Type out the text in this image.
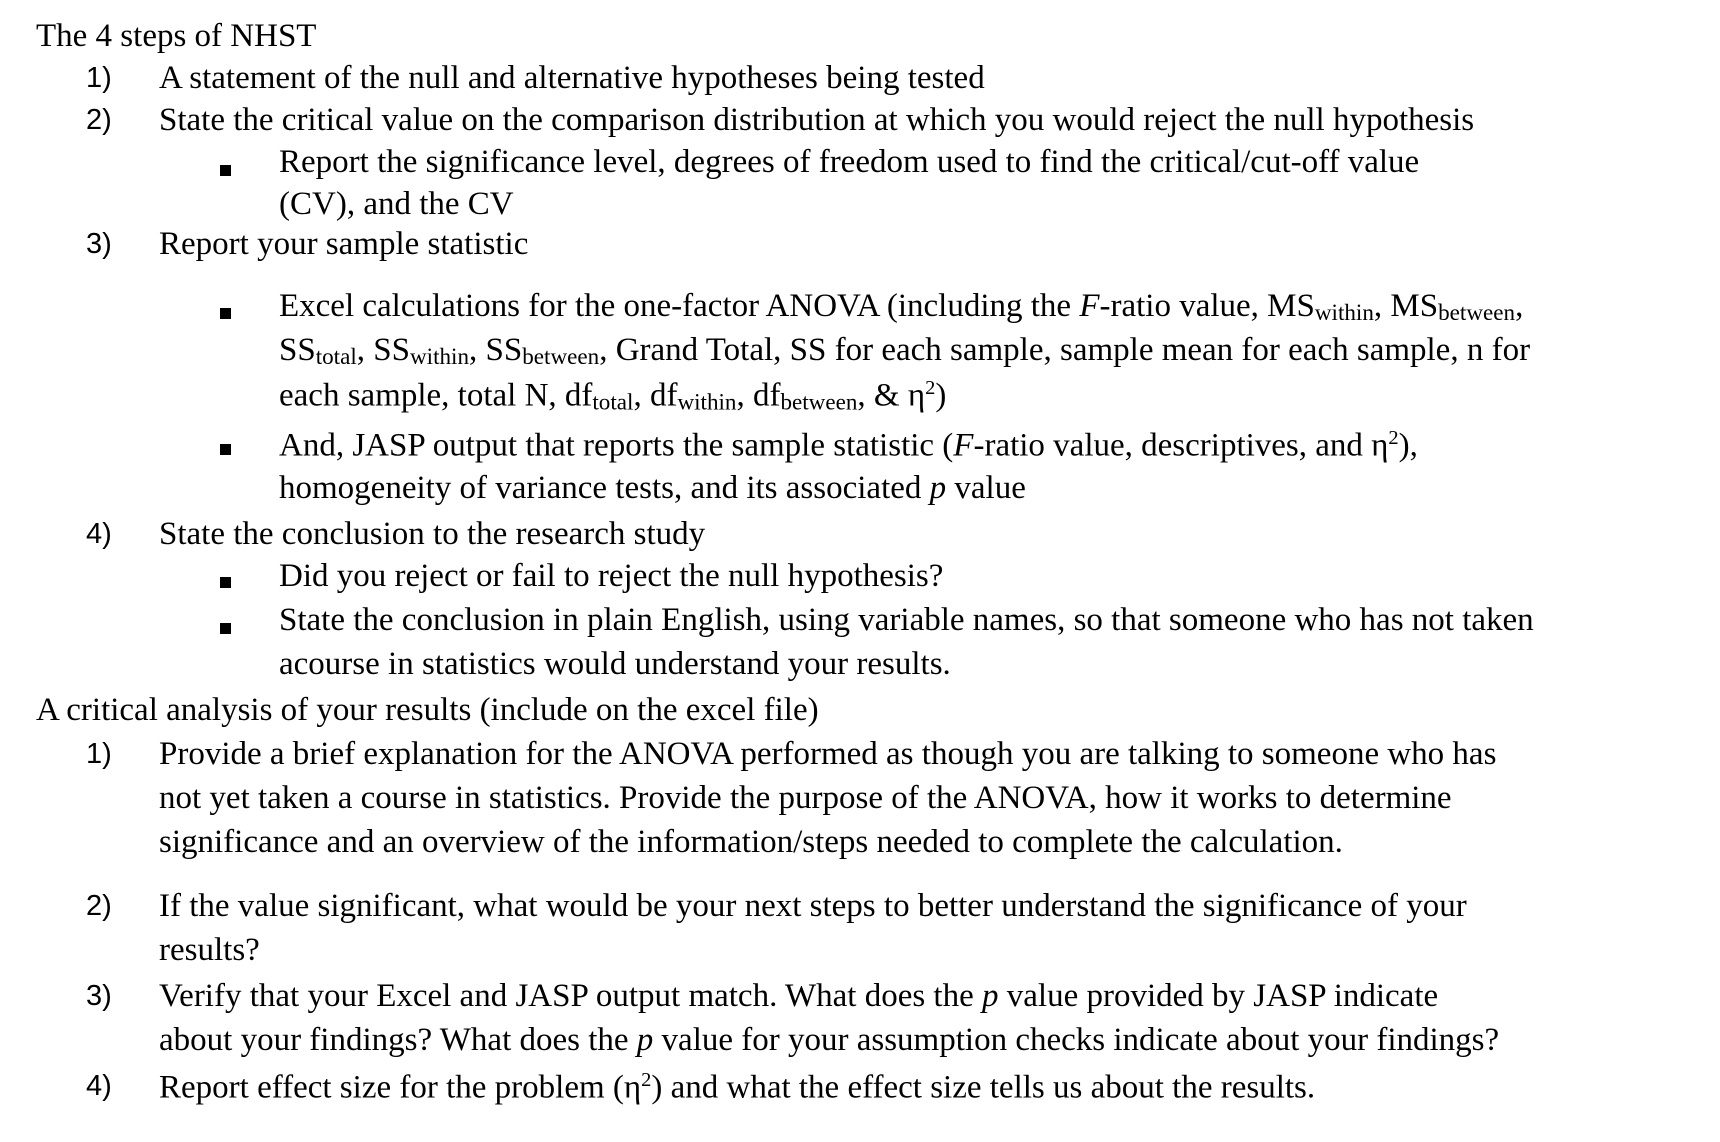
The 4 steps of NHST
1) A statement of the null and alternative hypotheses being tested
2) State the critical value on the comparison distribution at which you would reject the null hypothesis
Report the significance level, degrees of freedom used to find the critical/cut-off value
(CV), and the CV
3) Report your sample statistic
Excel calculations for the one-factor ANOVA (including the F-ratio value, MSwithin, MSbetween,
SStotal, SSwithin, SSbetween, Grand Total, SS for each sample, sample mean for each sample, n for
each sample, total N, dftotal, dfwithin, dfbetween, & $\eta^2$)
And, JASP output that reports the sample statistic (F-ratio value, descriptives, and $\eta^2$),
homogeneity of variance tests, and its associated p value
4) State the conclusion to the research study
Did you reject or fail to reject the null hypothesis?
State the conclusion in plain English, using variable names, so that someone who has not taken
acourse in statistics would understand your results.
A critical analysis of your results (include on the excel file)
1) Provide a brief explanation for the ANOVA performed as though you are talking to someone who has
not yet taken a course in statistics. Provide the purpose of the ANOVA, how it works to determine
significance and an overview of the information/steps needed to complete the calculation.
2) If the value significant, what would be your next steps to better understand the significance of your
results?
3) Verify that your Excel and JASP output match. What does the p value provided by JASP indicate
about your findings? What does the p value for your assumption checks indicate about your findings?
4) Report effect size for the problem $(\eta^2)$ and what the effect size tells us about the results.
